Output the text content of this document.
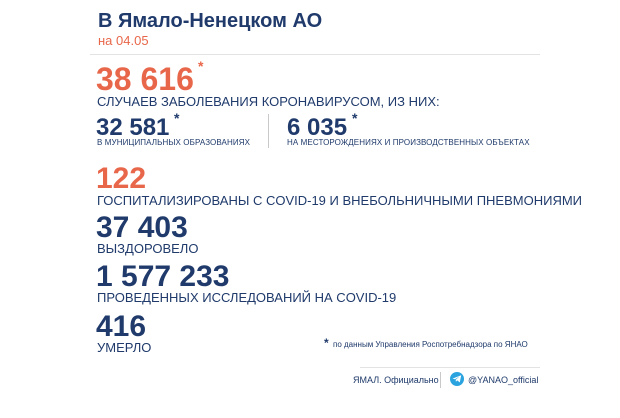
В Ямало-Ненецком АО
на 04.05
38 616 *
СЛУЧАЕВ ЗАБОЛЕВАНИЯ КОРОНАВИРУСОМ, ИЗ НИХ:
32 581 *
В МУНИЦИПАЛЬНЫХ ОБРАЗОВАНИЯХ
6 035 *
НА МЕСТОРОЖДЕНИЯХ И ПРОИЗВОДСТВЕННЫХ ОБЪЕКТАХ
122
ГОСПИТАЛИЗИРОВАНЫ С COVID-19 И ВНЕБОЛЬНИЧНЫМИ ПНЕВМОНИЯМИ
37 403
ВЫЗДОРОВЕЛО
1 577 233
ПРОВЕДЕННЫХ ИССЛЕДОВАНИЙ НА COVID-19
416
УМЕРЛО	* по данным Управления Роспотребнадзора по ЯНАО
ЯМАЛ. Официально	@YANAO_official
